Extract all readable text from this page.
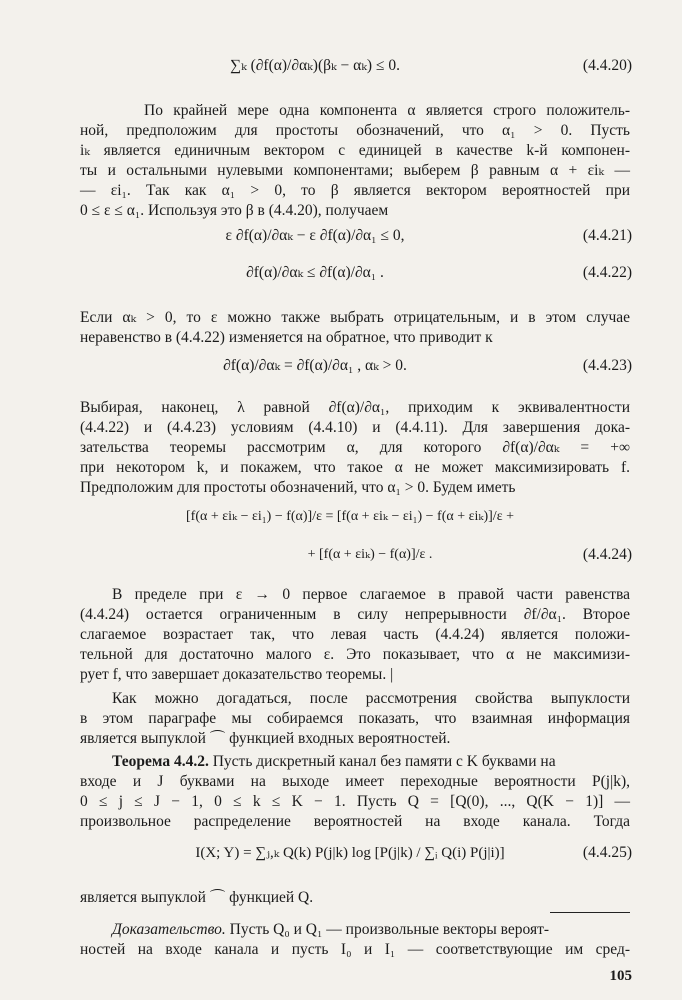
∑ₖ (∂f(α)/∂αₖ)(βₖ − αₖ) ≤ 0.	(4.4.20)

По крайней мере одна компонента α является строго положитель-

ной, предположим для простоты обозначений, что α₁ > 0. Пусть

iₖ является единичным вектором с единицей в качестве k-й компонен-

ты и остальными нулевыми компонентами; выберем β равным α + εiₖ —

— εi₁. Так как α₁ > 0, то β является вектором вероятностей при

0 ≤ ε ≤ α₁. Используя это β в (4.4.20), получаем

ε ∂f(α)/∂αₖ − ε ∂f(α)/∂α₁ ≤ 0,	(4.4.21)

∂f(α)/∂αₖ ≤ ∂f(α)/∂α₁ .	(4.4.22)

Если αₖ > 0, то ε можно также выбрать отрицательным, и в этом случае

неравенство в (4.4.22) изменяется на обратное, что приводит к

∂f(α)/∂αₖ = ∂f(α)/∂α₁ , αₖ > 0.	(4.4.23)

Выбирая, наконец, λ равной ∂f(α)/∂α₁, приходим к эквивалентности

(4.4.22) и (4.4.23) условиям (4.4.10) и (4.4.11). Для завершения дока-

зательства теоремы рассмотрим α, для которого ∂f(α)/∂αₖ = +∞

при некотором k, и покажем, что такое α не может максимизировать f.

Предположим для простоты обозначений, что α₁ > 0. Будем иметь

[f(α + εiₖ − εi₁) − f(α)]/ε = [f(α + εiₖ − εi₁) − f(α + εiₖ)]/ε +

+ [f(α + εiₖ) − f(α)]/ε .	(4.4.24)

В пределе при ε → 0 первое слагаемое в правой части равенства

(4.4.24) остается ограниченным в силу непрерывности ∂f/∂α₁. Второе

слагаемое возрастает так, что левая часть (4.4.24) является положи-

тельной для достаточно малого ε. Это показывает, что α не максимизи-

рует f, что завершает доказательство теоремы. |

Как можно догадаться, после рассмотрения свойства выпуклости

в этом параграфе мы собираемся показать, что взаимная информация

является выпуклой ⌒ функцией входных вероятностей.

Теорема 4.4.2. Пусть дискретный канал без памяти с K буквами на

входе и J буквами на выходе имеет переходные вероятности P(j|k),

0 ≤ j ≤ J − 1, 0 ≤ k ≤ K − 1. Пусть Q = [Q(0), ..., Q(K − 1)] —

произвольное распределение вероятностей на входе канала. Тогда

I(X; Y) = ∑ⱼ,ₖ Q(k) P(j|k) log [P(j|k) / ∑ᵢ Q(i) P(j|i)]	(4.4.25)

является выпуклой ⌒ функцией Q.

Доказательство. Пусть Q₀ и Q₁ — произвольные векторы вероят-

ностей на входе канала и пусть I₀ и I₁ — соответствующие им сред-

105
